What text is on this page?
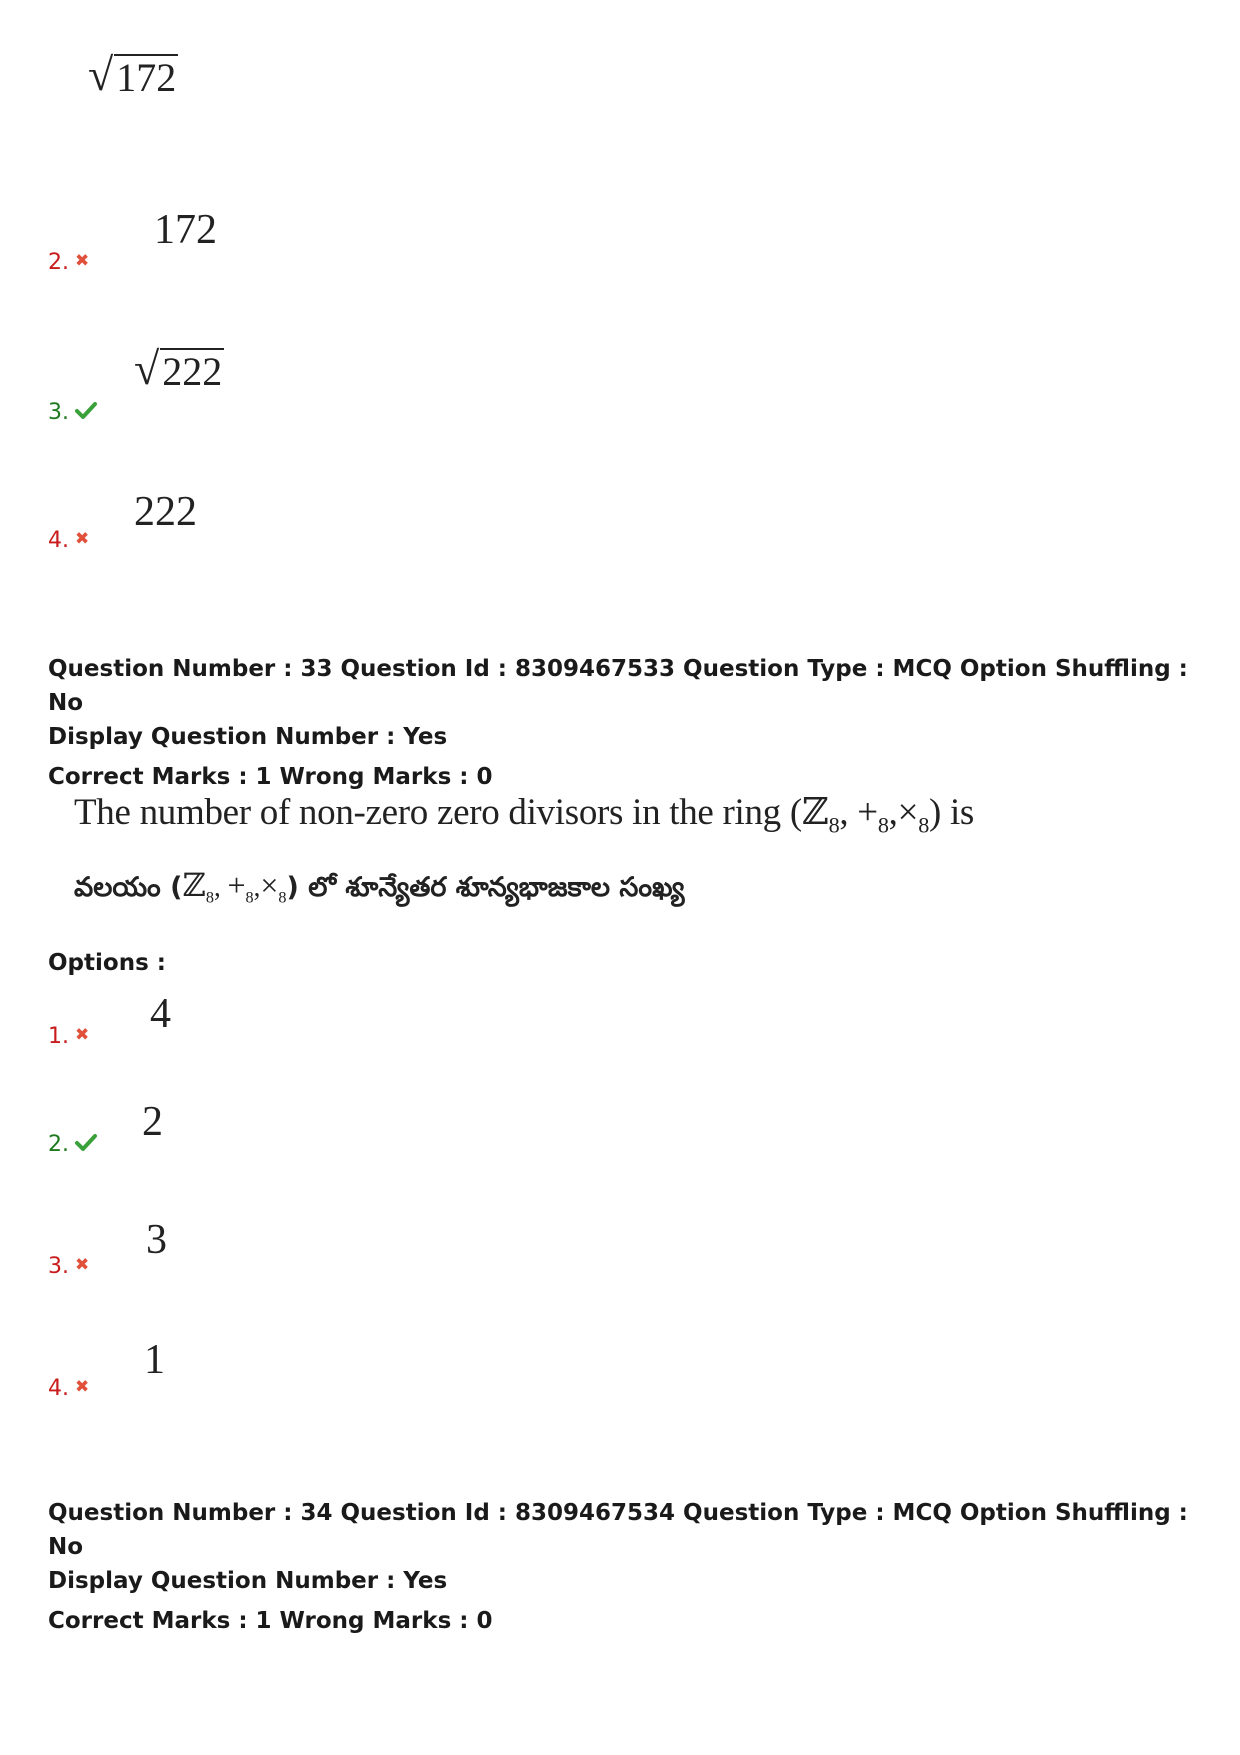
√ 172
2. ✖
172
3.
√ 222
4. ✖
222
Question Number : 33 Question Id : 8309467533 Question Type : MCQ Option Shuffling : No
Display Question Number : Yes
Correct Marks : 1 Wrong Marks : 0
The number of non-zero zero divisors in the ring (ℤ$_8$, $+_8,\times_8$) is
వలయం (ℤ$_8$, $+_8,\times_8$) లో శూన్యేతర శూన్యభాజకాల సంఖ్య
Options :
1. ✖ 4
2.	2
3. ✖
3
4. ✖
1
Question Number : 34 Question Id : 8309467534 Question Type : MCQ Option Shuffling : No
Display Question Number : Yes
Correct Marks : 1 Wrong Marks : 0
